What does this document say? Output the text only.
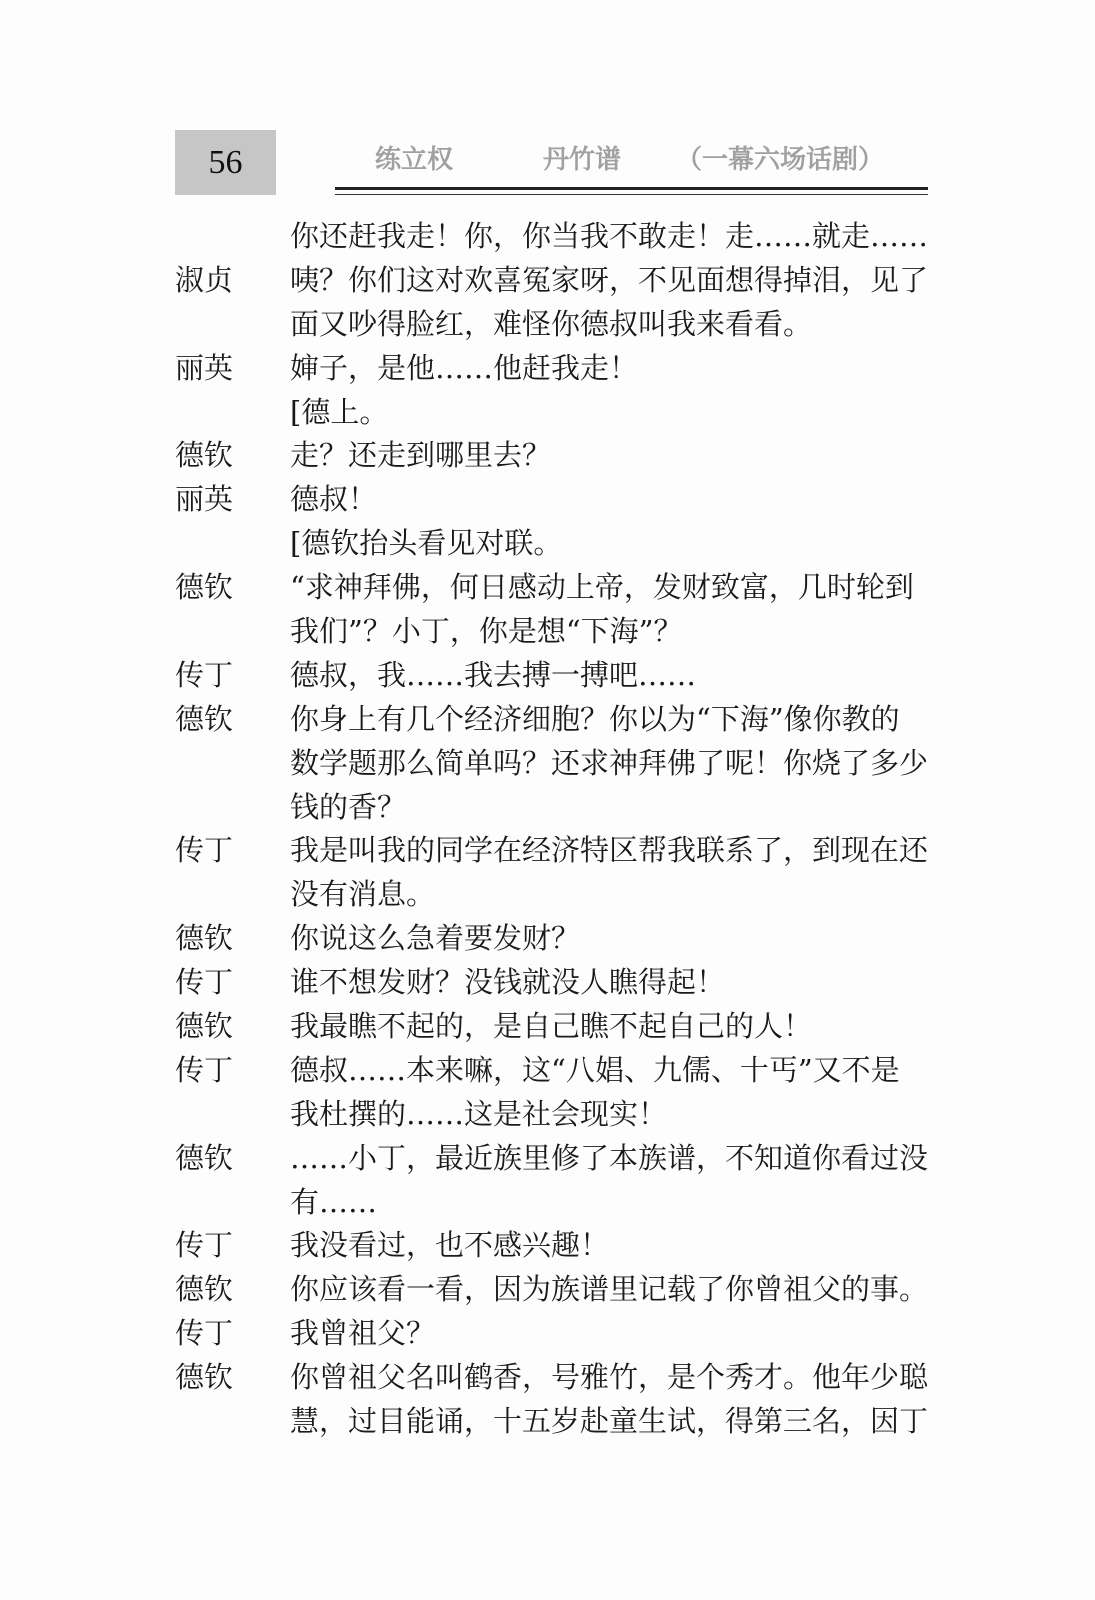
56	练立权	丹竹谱 （一幕六场话剧）
你还赶我走！你，你当我不敢走！走……就走……
淑贞 咦？你们这对欢喜冤家呀，不见面想得掉泪，见了
面又吵得脸红，难怪你德叔叫我来看看。
丽英 婶子，是他……他赶我走！
[德上。
德钦 走？还走到哪里去？
丽英 德叔！
[德钦抬头看见对联。
德钦 “求神拜佛，何日感动上帝，发财致富，几时轮到
我们”？小丁，你是想“下海”？
传丁 德叔，我……我去搏一搏吧……
德钦 你身上有几个经济细胞？你以为“下海”像你教的
数学题那么简单吗？还求神拜佛了呢！你烧了多少
钱的香？
传丁 我是叫我的同学在经济特区帮我联系了，到现在还
没有消息。
德钦 你说这么急着要发财？
传丁 谁不想发财？没钱就没人瞧得起！
德钦 我最瞧不起的，是自己瞧不起自己的人！
传丁 德叔……本来嘛，这“八娼、九儒、十丐”又不是
我杜撰的……这是社会现实！
德钦 ……小丁，最近族里修了本族谱，不知道你看过没
有……
传丁 我没看过，也不感兴趣！
德钦 你应该看一看，因为族谱里记载了你曾祖父的事。
传丁 我曾祖父？
德钦 你曾祖父名叫鹤香，号雅竹，是个秀才。他年少聪
慧，过目能诵，十五岁赴童生试，得第三名，因丁
